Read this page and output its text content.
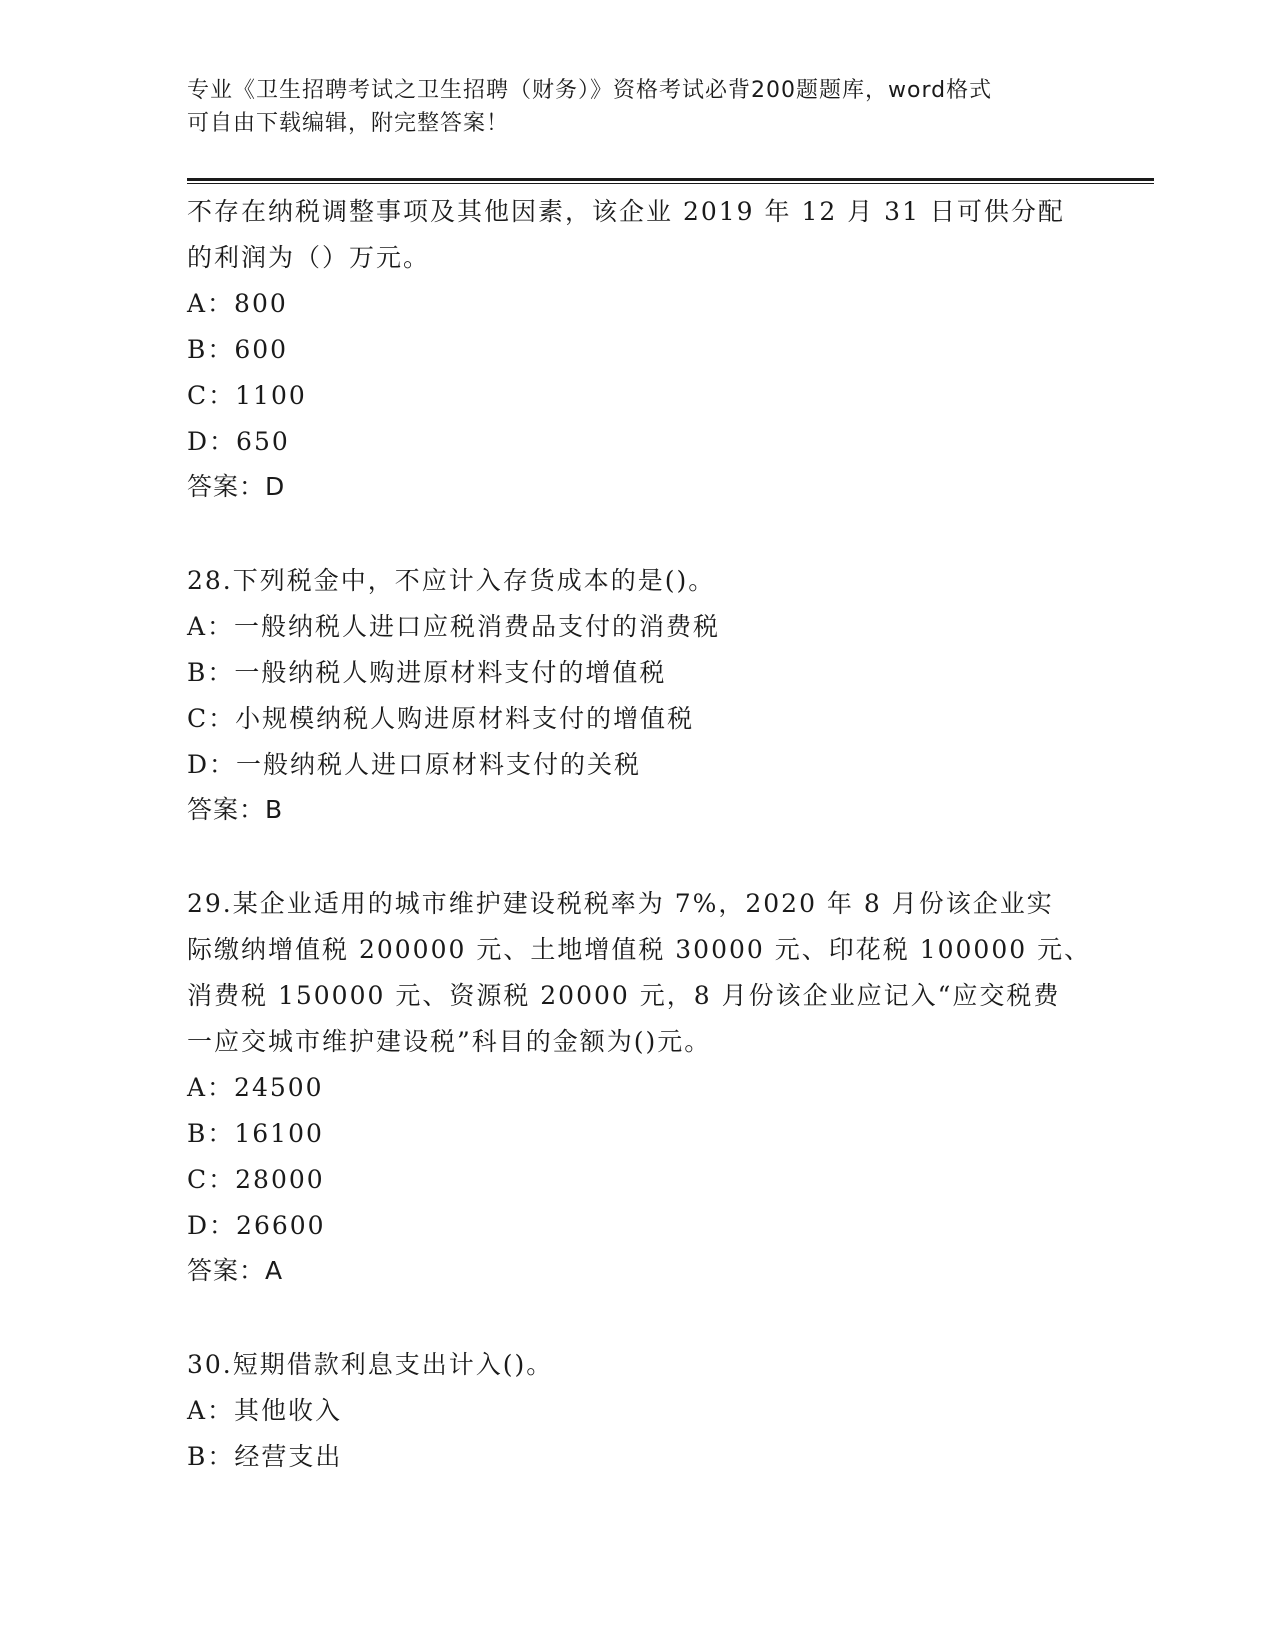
专业《卫生招聘考试之卫生招聘（财务）》资格考试必背200题题库，word格式
可自由下载编辑，附完整答案！
不存在纳税调整事项及其他因素，该企业 2019 年 12 月 31 日可供分配
的利润为（）万元。
A：800
B：600
C：1100
D：650
答案：D
28.下列税金中，不应计入存货成本的是()。
A：一般纳税人进口应税消费品支付的消费税
B：一般纳税人购进原材料支付的增值税
C：小规模纳税人购进原材料支付的增值税
D：一般纳税人进口原材料支付的关税
答案：B
29.某企业适用的城市维护建设税税率为 7%，2020 年 8 月份该企业实
际缴纳增值税 200000 元、土地增值税 30000 元、印花税 100000 元、
消费税 150000 元、资源税 20000 元，8 月份该企业应记入“应交税费
一应交城市维护建设税”科目的金额为()元。
A：24500
B：16100
C：28000
D：26600
答案：A
30.短期借款利息支出计入()。
A：其他收入
B：经营支出
